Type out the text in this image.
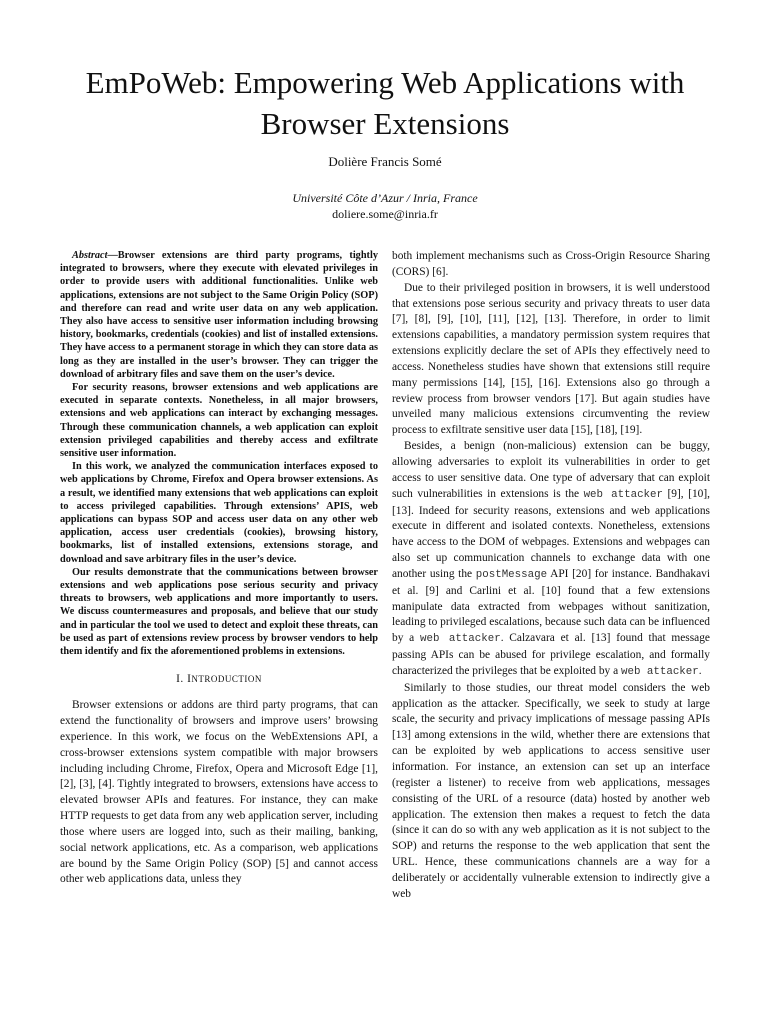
EmPoWeb: Empowering Web Applications with
Browser Extensions
Dolière Francis Somé
Université Côte d’Azur / Inria, France
doliere.some@inria.fr

Abstract—Browser extensions are third party programs, tightly integrated to browsers, where they execute with elevated privileges in order to provide users with additional functionalities. Unlike web applications, extensions are not subject to the Same Origin Policy (SOP) and therefore can read and write user data on any web application. They also have access to sensitive user information including browsing history, bookmarks, credentials (cookies) and list of installed extensions. They have access to a permanent storage in which they can store data as long as they are installed in the user’s browser. They can trigger the download of arbitrary files and save them on the user’s device.

For security reasons, browser extensions and web applications are executed in separate contexts. Nonetheless, in all major browsers, extensions and web applications can interact by exchanging messages. Through these communication channels, a web application can exploit extension privileged capabilities and thereby access and exfiltrate sensitive user information.

In this work, we analyzed the communication interfaces exposed to web applications by Chrome, Firefox and Opera browser extensions. As a result, we identified many extensions that web applications can exploit to access privileged capabilities. Through extensions’ APIS, web applications can bypass SOP and access user data on any other web application, access user credentials (cookies), browsing history, bookmarks, list of installed extensions, extensions storage, and download and save arbitrary files in the user’s device.

Our results demonstrate that the communications between browser extensions and web applications pose serious security and privacy threats to browsers, web applications and more importantly to users. We discuss countermeasures and proposals, and believe that our study and in particular the tool we used to detect and exploit these threats, can be used as part of extensions review process by browser vendors to help them identify and fix the aforementioned problems in extensions.

I. INTRODUCTION

Browser extensions or addons are third party programs, that can extend the functionality of browsers and improve users’ browsing experience. In this work, we focus on the WebExtensions API, a cross-browser extensions system compatible with major browsers including including Chrome, Firefox, Opera and Microsoft Edge [1], [2], [3], [4]. Tightly integrated to browsers, extensions have access to elevated browser APIs and features. For instance, they can make HTTP requests to get data from any web application server, including those where users are logged into, such as their mailing, banking, social network applications, etc. As a comparison, web applications are bound by the Same Origin Policy (SOP) [5] and cannot access other web applications data, unless they

both implement mechanisms such as Cross-Origin Resource Sharing (CORS) [6].

Due to their privileged position in browsers, it is well understood that extensions pose serious security and privacy threats to user data [7], [8], [9], [10], [11], [12], [13]. Therefore, in order to limit extensions capabilities, a mandatory permission system requires that extensions explicitly declare the set of APIs they effectively need to access. Nonetheless studies have shown that extensions still require many permissions [14], [15], [16]. Extensions also go through a review process from browser vendors [17]. But again studies have unveiled many malicious extensions circumventing the review process to exfiltrate sensitive user data [15], [18], [19].

Besides, a benign (non-malicious) extension can be buggy, allowing adversaries to exploit its vulnerabilities in order to get access to user sensitive data. One type of adversary that can exploit such vulnerabilities in extensions is the web attacker [9], [10], [13]. Indeed for security reasons, extensions and web applications execute in different and isolated contexts. Nonetheless, extensions have access to the DOM of webpages. Extensions and webpages can also set up communication channels to exchange data with one another using the postMessage API [20] for instance. Bandhakavi et al. [9] and Carlini et al. [10] found that a few extensions manipulate data extracted from webpages without sanitization, leading to privileged escalations, because such data can be influenced by a web attacker. Calzavara et al. [13] found that message passing APIs can be abused for privilege escalation, and formally characterized the privileges that be exploited by a web attacker.

Similarly to those studies, our threat model considers the web application as the attacker. Specifically, we seek to study at large scale, the security and privacy implications of message passing APIs [13] among extensions in the wild, whether there are extensions that can be exploited by web applications to access sensitive user information. For instance, an extension can set up an interface (register a listener) to receive from web applications, messages consisting of the URL of a resource (data) hosted by another web application. The extension then makes a request to fetch the data (since it can do so with any web application as it is not subject to the SOP) and returns the response to the web application that sent the URL. Hence, these communications channels are a way for a deliberately or accidentally vulnerable extension to indirectly give a web
